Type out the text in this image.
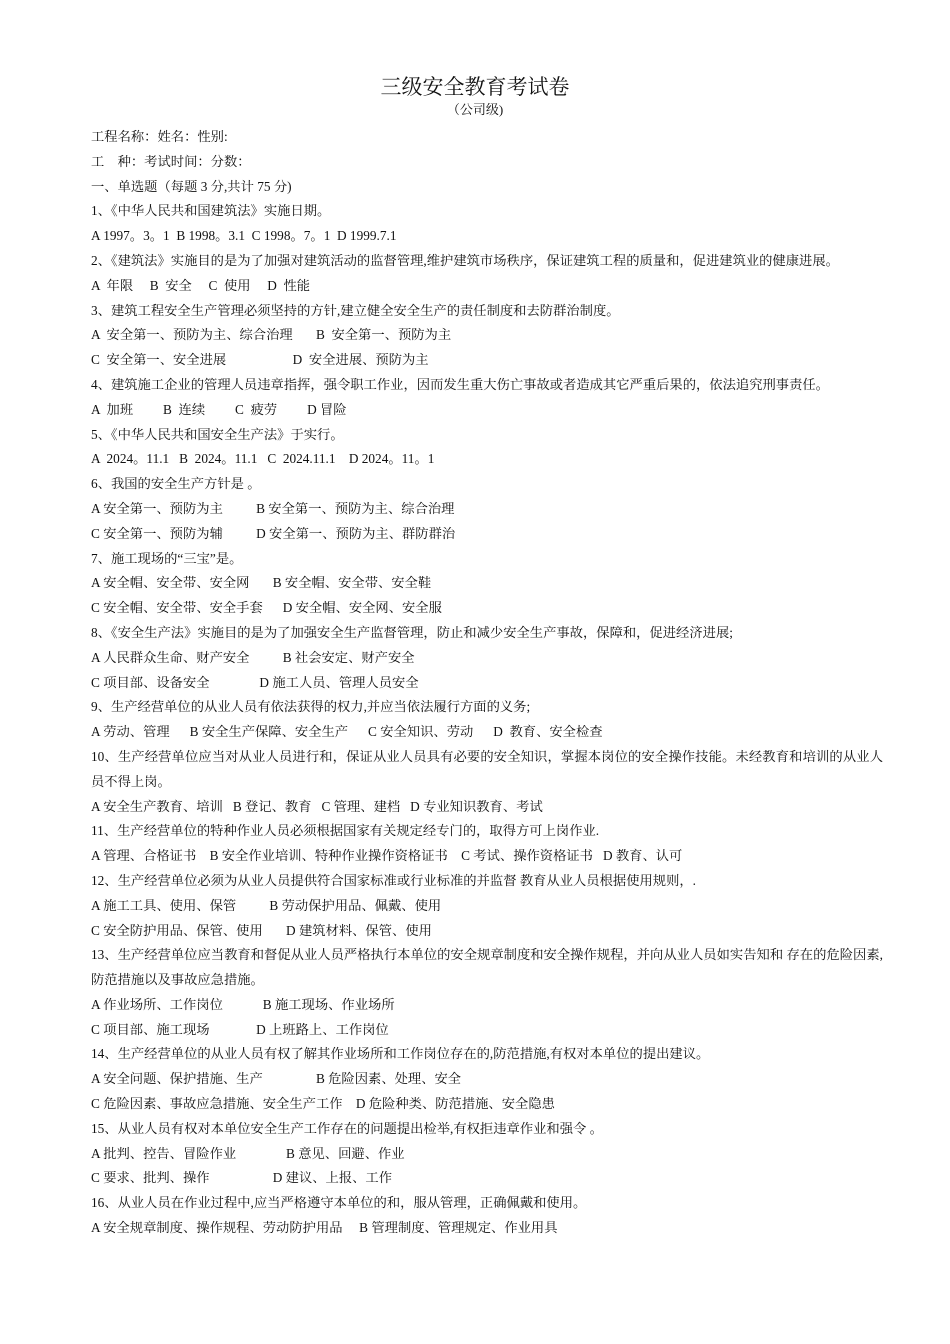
三级安全教育考试卷
（公司级)
工程名称：姓名：性别:
工    种：考试时间：分数：
一、单选题（每题 3 分,共计 75 分)
1、《中华人民共和国建筑法》实施日期。
A 1997。3。1  B 1998。3.1  C 1998。7。1  D 1999.7.1
2、《建筑法》实施目的是为了加强对建筑活动的监督管理,维护建筑市场秩序，保证建筑工程的质量和，促进建筑业的健康进展。
A  年限     B  安全     C  使用     D  性能
3、建筑工程安全生产管理必须坚持的方针,建立健全安全生产的责任制度和去防群治制度。
A  安全第一、预防为主、综合治理       B  安全第一、预防为主
C  安全第一、安全进展                    D  安全进展、预防为主
4、建筑施工企业的管理人员违章指挥，强令职工作业，因而发生重大伤亡事故或者造成其它严重后果的，依法追究刑事责任。
A  加班         B  连续         C  疲劳         D 冒险
5、《中华人民共和国安全生产法》于实行。
A  2024。11.1   B  2024。11.1   C  2024.11.1    D 2024。11。1
6、我国的安全生产方针是 。
A 安全第一、预防为主          B 安全第一、预防为主、综合治理
C 安全第一、预防为辅          D 安全第一、预防为主、群防群治
7、施工现场的“三宝”是。
A 安全帽、安全带、安全网       B 安全帽、安全带、安全鞋
C 安全帽、安全带、安全手套      D 安全帽、安全网、安全服
8、《安全生产法》实施目的是为了加强安全生产监督管理，防止和减少安全生产事故，保障和，促进经济进展;
A 人民群众生命、财产安全          B 社会安定、财产安全
C 项目部、设备安全               D 施工人员、管理人员安全
9、生产经营单位的从业人员有依法获得的权力,并应当依法履行方面的义务;
A 劳动、管理      B 安全生产保障、安全生产      C 安全知识、劳动      D  教育、安全检查
10、生产经营单位应当对从业人员进行和，保证从业人员具有必要的安全知识，掌握本岗位的安全操作技能。未经教育和培训的从业人员不得上岗。
A 安全生产教育、培训   B 登记、教育   C 管理、建档   D 专业知识教育、考试
11、生产经营单位的特种作业人员必须根据国家有关规定经专门的，取得方可上岗作业.
A 管理、合格证书    B 安全作业培训、特种作业操作资格证书    C 考试、操作资格证书   D 教育、认可
12、生产经营单位必须为从业人员提供符合国家标准或行业标准的并监督 教育从业人员根据使用规则，.
A 施工工具、使用、保管          B 劳动保护用品、佩戴、使用
C 安全防护用品、保管、使用       D 建筑材料、保管、使用
13、生产经营单位应当教育和督促从业人员严格执行本单位的安全规章制度和安全操作规程，并向从业人员如实告知和 存在的危险因素,防范措施以及事故应急措施。
A 作业场所、工作岗位            B 施工现场、作业场所
C 项目部、施工现场              D 上班路上、工作岗位
14、生产经营单位的从业人员有权了解其作业场所和工作岗位存在的,防范措施,有权对本单位的提出建议。
A 安全问题、保护措施、生产                B 危险因素、处理、安全
C 危险因素、事故应急措施、安全生产工作    D 危险种类、防范措施、安全隐患
15、从业人员有权对本单位安全生产工作存在的问题提出检举,有权拒违章作业和强令 。
A 批判、控告、冒险作业               B 意见、回避、作业
C 要求、批判、操作                   D 建议、上报、工作
16、从业人员在作业过程中,应当严格遵守本单位的和，服从管理，正确佩戴和使用。
A 安全规章制度、操作规程、劳动防护用品     B 管理制度、管理规定、作业用具
